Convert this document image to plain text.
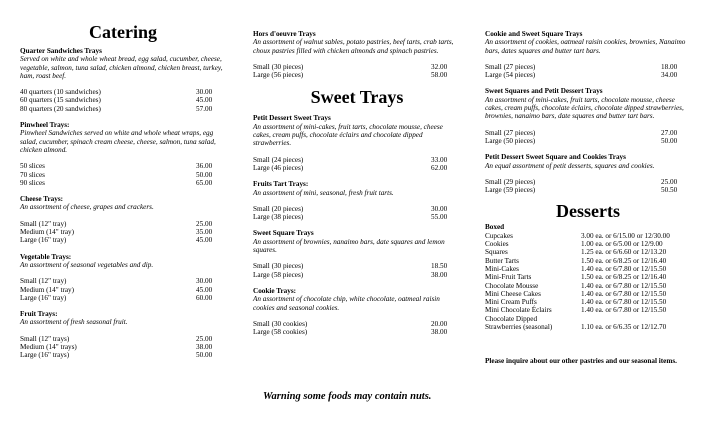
Catering
Quarter Sandwiches Trays
Served on white and whole wheat bread, egg salad, cucumber, cheese, vegetable, salmon, tuna salad, chicken almond, chicken breast, turkey, ham, roast beef.
40 quarters (10 sandwiches)	30.00
60 quarters (15 sandwiches)	45.00
80 quarters (20 sandwiches)	57.00
Pinwheel Trays:
Pinwheel Sandwiches served on white and whole wheat wraps, egg salad, cucumber, spinach cream cheese, cheese, salmon, tuna salad, chicken almond.
50 slices	36.00
70 slices	50.00
90 slices	65.00
Cheese Trays:
An assortment of cheese, grapes and crackers.
Small (12" tray)	25.00
Medium (14" tray)	35.00
Large (16" tray)	45.00
Vegetable Trays:
An assortment of seasonal vegetables and dip.
Small (12" tray)	30.00
Medium (14" tray)	45.00
Large (16" tray)	60.00
Fruit Trays:
An assortment of fresh seasonal fruit.
Small (12" trays)	25.00
Medium (14" trays)	38.00
Large (16" trays)	50.00
Hors d'oeuvre Trays
An assortment of walnut sables, potato pastries, beef tarts, crab tarts, choux pastries filled with chicken almonds and spinach pastries.
Small (30 pieces)	32.00
Large (56 pieces)	58.00
Sweet Trays
Petit Dessert Sweet Trays
An assortment of mini-cakes, fruit tarts, chocolate mousse, cheese cakes, cream puffs, chocolate éclairs and chocolate dipped strawberries.
Small (24 pieces)	33.00
Large (46 pieces)	62.00
Fruits Tart Trays:
An assortment of mini, seasonal, fresh fruit tarts.
Small (20 pieces)	30.00
Large (38 pieces)	55.00
Sweet Square Trays
An assortment of brownies, nanaimo bars, date squares and lemon squares.
Small (30 pieces)	18.50
Large (58 pieces)	38.00
Cookie Trays:
An assortment of chocolate chip, white chocolate, oatmeal raisin cookies and seasonal cookies.
Small (30 cookies)	20.00
Large (58 cookies)	38.00
Warning some foods may contain nuts.
Cookie and Sweet Square Trays
An assortment of cookies, oatmeal raisin cookies, brownies, Nanaimo bars, dates squares and butter tart bars.
Small (27 pieces)	18.00
Large (54 pieces)	34.00
Sweet Squares and Petit Dessert Trays
An assortment of mini-cakes, fruit tarts, chocolate mousse, cheese cakes, cream puffs, chocolate éclairs, chocolate dipped strawberries, brownies, nanaimo bars, date squares and butter tart bars.
Small (27 pieces)	27.00
Large (50 pieces)	50.00
Petit Dessert Sweet Square and Cookies Trays
An equal assortment of petit desserts, squares and cookies.
Small (29 pieces)	25.00
Large (59 pieces)	50.50
Desserts
Boxed
Cupcakes	3.00 ea. or 6/15.00 or 12/30.00
Cookies	1.00 ea. or 6/5.00 or 12/9.00
Squares	1.25 ea. or 6/6.60 or 12/13.20
Butter Tarts	1.50 ea. or 6/8.25 or 12/16.40
Mini-Cakes	1.40 ea. or 6/7.80 or 12/15.50
Mini-Fruit Tarts	1.50 ea. or 6/8.25 or 12/16.40
Chocolate Mousse	1.40 ea. or 6/7.80 or 12/15.50
Mini Cheese Cakes	1.40 ea. or 6/7.80 or 12/15.50
Mini Cream Puffs	1.40 ea. or 6/7.80 or 12/15.50
Mini Chocolate Éclairs	1.40 ea. or 6/7.80 or 12/15.50
Chocolate Dipped
Strawberries (seasonal)	1.10 ea. or 6/6.35 or 12/12.70
Please inquire about our other pastries and our seasonal items.
